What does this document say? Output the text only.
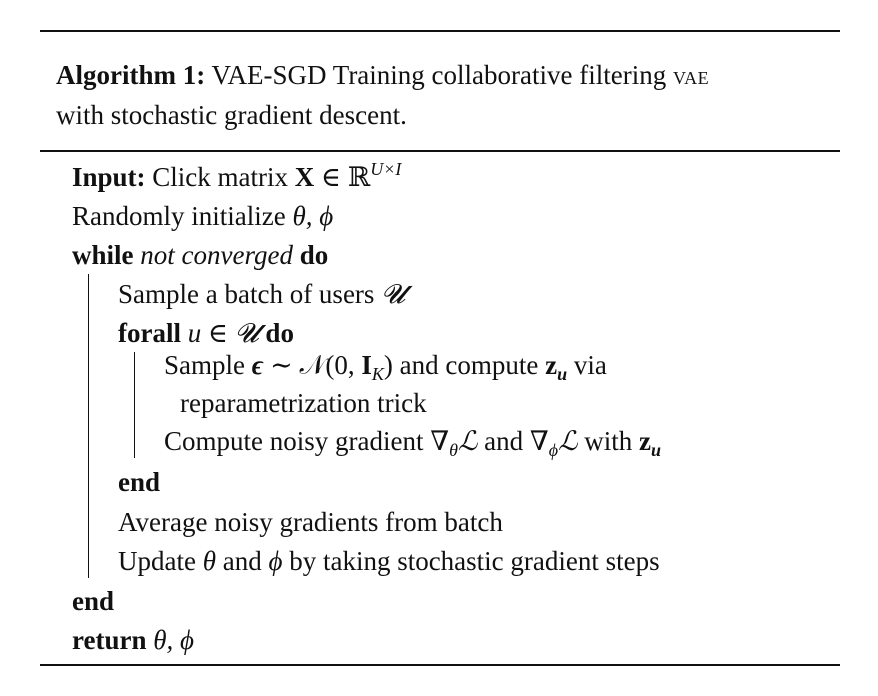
Algorithm 1: VAE-SGD Training collaborative filtering vae
with stochastic gradient descent.
Input: Click matrix X ∈ ℝ$^{U\times I}$
Randomly initialize θ, ϕ
while not converged do
Sample a batch of users 𝓤
forall u ∈ 𝓤 do
Sample ϵ ∼ 𝒩(0, $I_K$) and compute $z_u$ via
reparametrization trick
Compute noisy gradient $\nabla_\theta ℒ$ and $\nabla_\phi ℒ$ with $z_u$
end
Average noisy gradients from batch
Update θ and ϕ by taking stochastic gradient steps
end
return θ, ϕ
